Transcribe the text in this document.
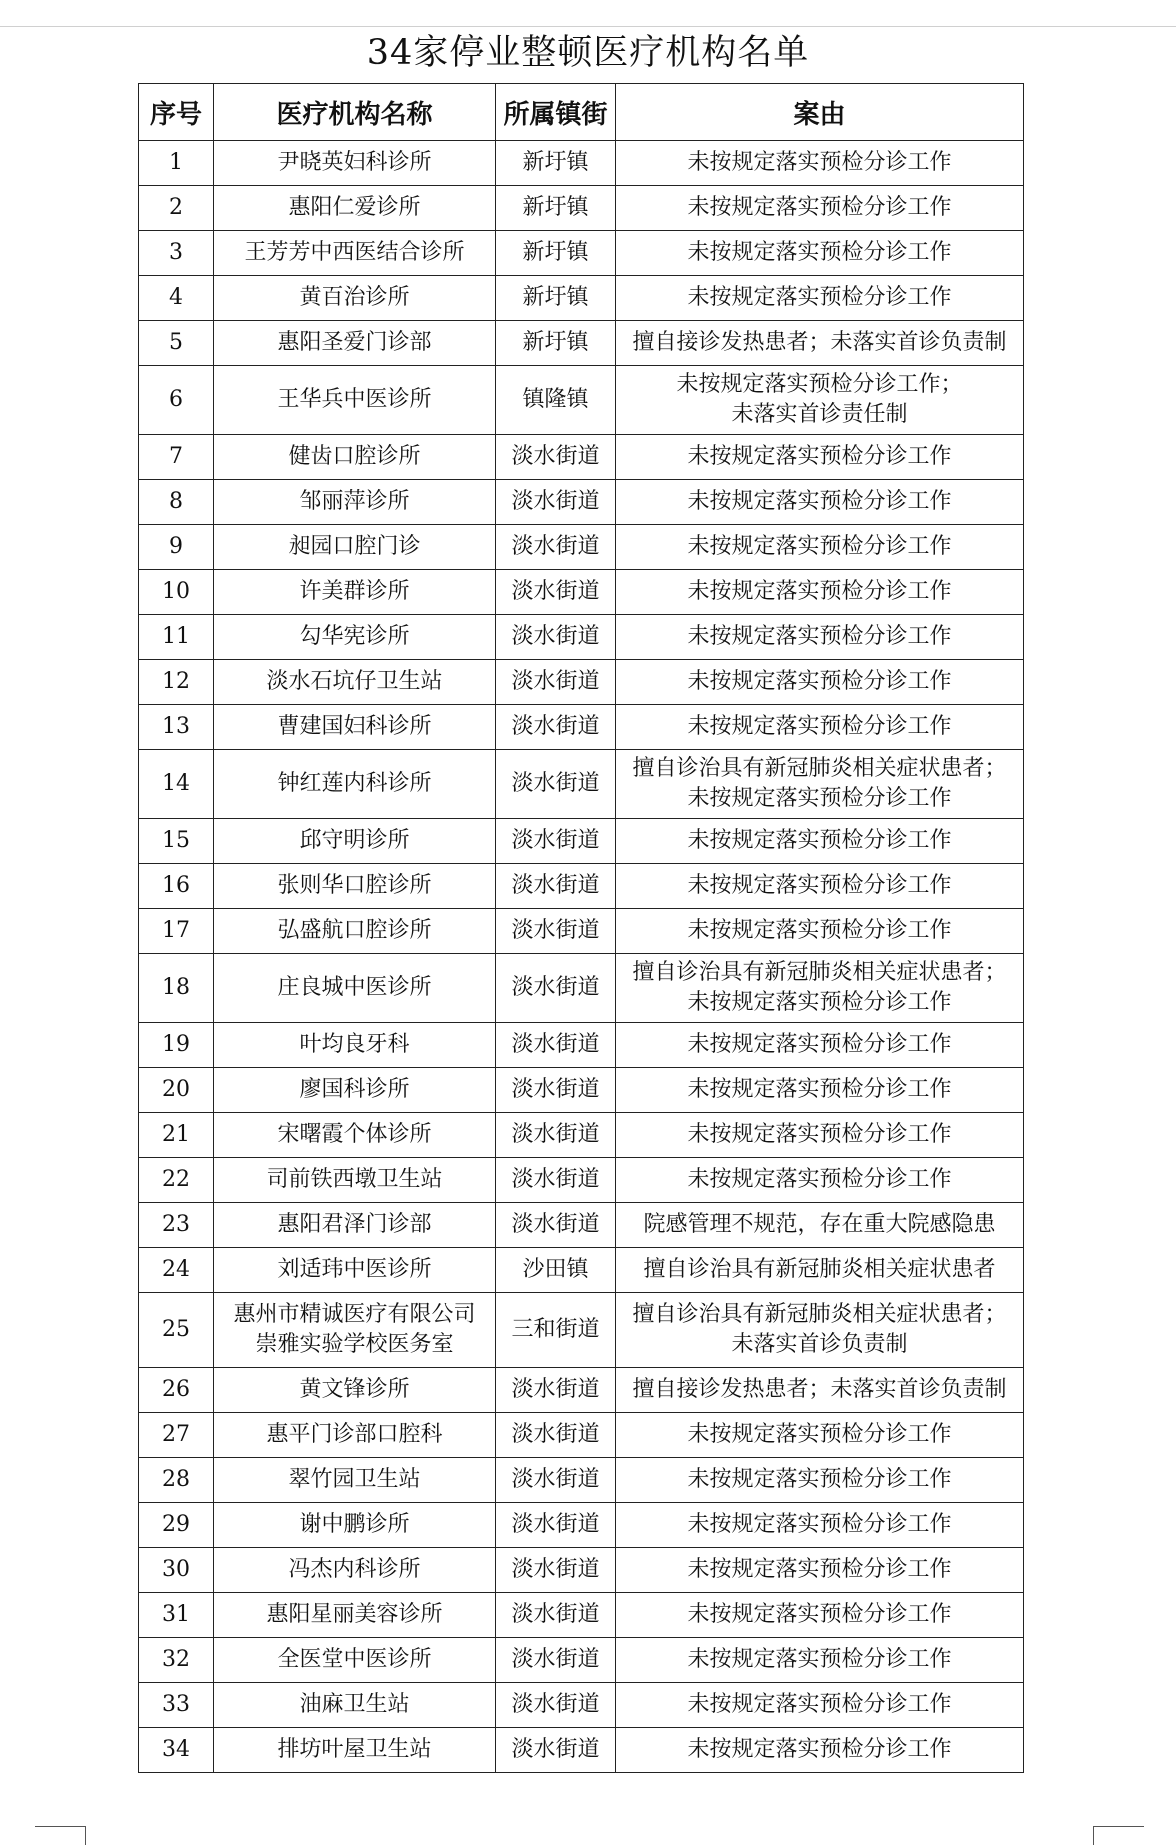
34家停业整顿医疗机构名单
序号	医疗机构名称	所属镇街	案由
1	尹晓英妇科诊所	新圩镇	未按规定落实预检分诊工作

2	惠阳仁爱诊所	新圩镇	未按规定落实预检分诊工作

3	王芳芳中西医结合诊所	新圩镇	未按规定落实预检分诊工作

4	黄百治诊所	新圩镇	未按规定落实预检分诊工作

5	惠阳圣爱门诊部	新圩镇	擅自接诊发热患者；未落实首诊负责制

6	王华兵中医诊所	镇隆镇	未按规定落实预检分诊工作；
未落实首诊责任制

7	健齿口腔诊所	淡水街道	未按规定落实预检分诊工作

8	邹丽萍诊所	淡水街道	未按规定落实预检分诊工作

9	昶园口腔门诊	淡水街道	未按规定落实预检分诊工作

10	许美群诊所	淡水街道	未按规定落实预检分诊工作

11	勾华宪诊所	淡水街道	未按规定落实预检分诊工作

12	淡水石坑仔卫生站	淡水街道	未按规定落实预检分诊工作

13	曹建国妇科诊所	淡水街道	未按规定落实预检分诊工作

14	钟红莲内科诊所	淡水街道	擅自诊治具有新冠肺炎相关症状患者；
未按规定落实预检分诊工作

15	邱守明诊所	淡水街道	未按规定落实预检分诊工作

16	张则华口腔诊所	淡水街道	未按规定落实预检分诊工作

17	弘盛航口腔诊所	淡水街道	未按规定落实预检分诊工作

18	庄良城中医诊所	淡水街道	擅自诊治具有新冠肺炎相关症状患者；
未按规定落实预检分诊工作

19	叶均良牙科	淡水街道	未按规定落实预检分诊工作

20	廖国科诊所	淡水街道	未按规定落实预检分诊工作

21	宋曙霞个体诊所	淡水街道	未按规定落实预检分诊工作

22	司前铁西墩卫生站	淡水街道	未按规定落实预检分诊工作

23	惠阳君泽门诊部	淡水街道	院感管理不规范，存在重大院感隐患

24	刘适玮中医诊所	沙田镇	擅自诊治具有新冠肺炎相关症状患者

25	惠州市精诚医疗有限公司
崇雅实验学校医务室	三和街道	擅自诊治具有新冠肺炎相关症状患者；
未落实首诊负责制

26	黄文锋诊所	淡水街道	擅自接诊发热患者；未落实首诊负责制

27	惠平门诊部口腔科	淡水街道	未按规定落实预检分诊工作

28	翠竹园卫生站	淡水街道	未按规定落实预检分诊工作

29	谢中鹏诊所	淡水街道	未按规定落实预检分诊工作

30	冯杰内科诊所	淡水街道	未按规定落实预检分诊工作

31	惠阳星丽美容诊所	淡水街道	未按规定落实预检分诊工作

32	全医堂中医诊所	淡水街道	未按规定落实预检分诊工作

33	油麻卫生站	淡水街道	未按规定落实预检分诊工作

34	排坊叶屋卫生站	淡水街道	未按规定落实预检分诊工作
